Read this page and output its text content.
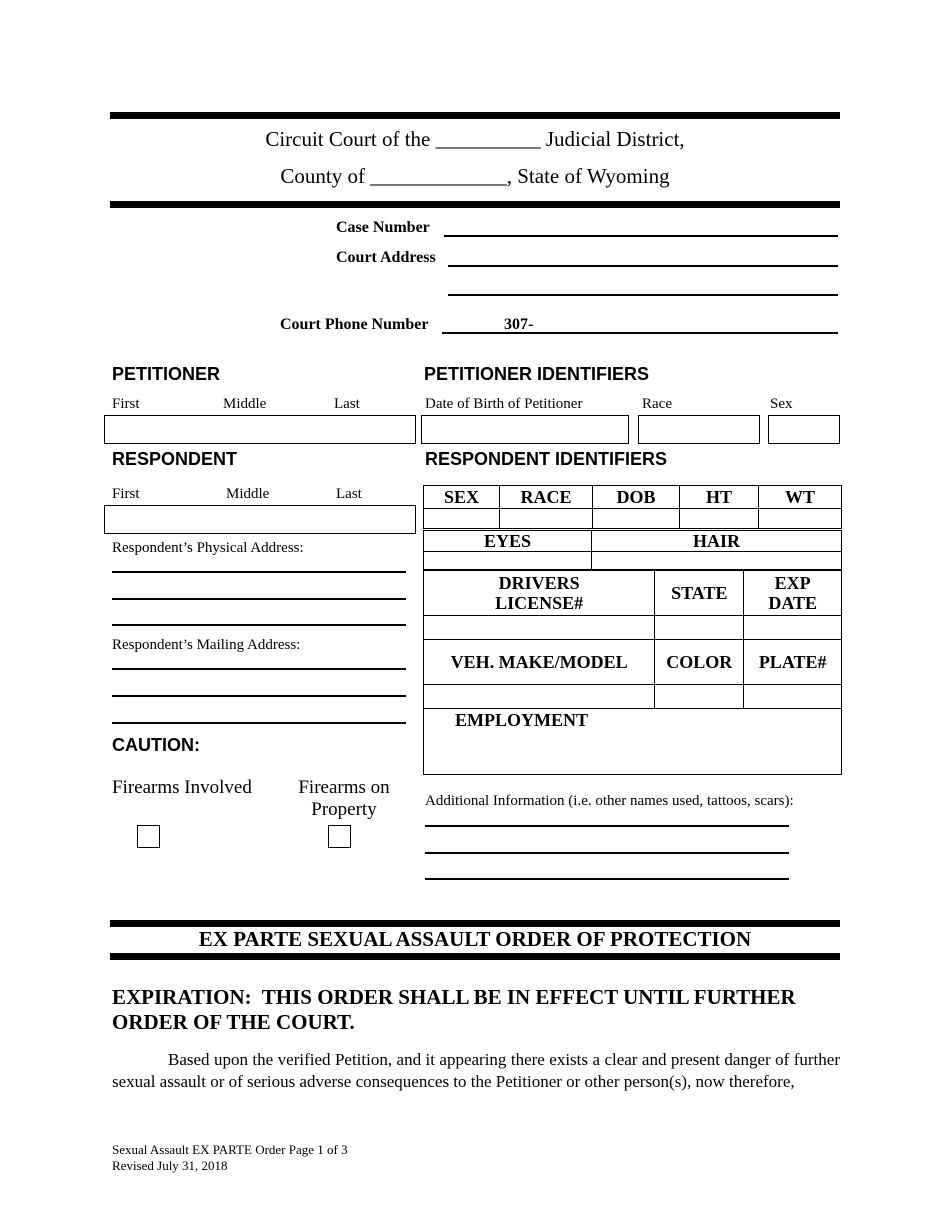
Circuit Court of the __________ Judicial District,
County of _____________, State of Wyoming
Case Number
Court Address
Court Phone Number	307-
PETITIONER
First	Middle	Last
PETITIONER IDENTIFIERS
Date of Birth of Petitioner	Race	Sex
RESPONDENT
First	Middle	Last
Respondent’s Physical Address:
Respondent’s Mailing Address:
RESPONDENT IDENTIFIERS
SEX	RACE	DOB	HT	WT

EYES	HAIR

DRIVERS LICENSE#	STATE	EXP DATE

VEH. MAKE/MODEL	COLOR	PLATE#

EMPLOYMENT
CAUTION:
Firearms Involved	Firearms on Property	Additional Information (i.e. other names used, tattoos, scars):
EX PARTE SEXUAL ASSAULT ORDER OF PROTECTION
EXPIRATION:  THIS ORDER SHALL BE IN EFFECT UNTIL FURTHER ORDER OF THE COURT.
Based upon the verified Petition, and it appearing there exists a clear and present danger of further sexual assault or of serious adverse consequences to the Petitioner or other person(s), now therefore,
Sexual Assault EX PARTE Order Page 1 of 3
Revised July 31, 2018
